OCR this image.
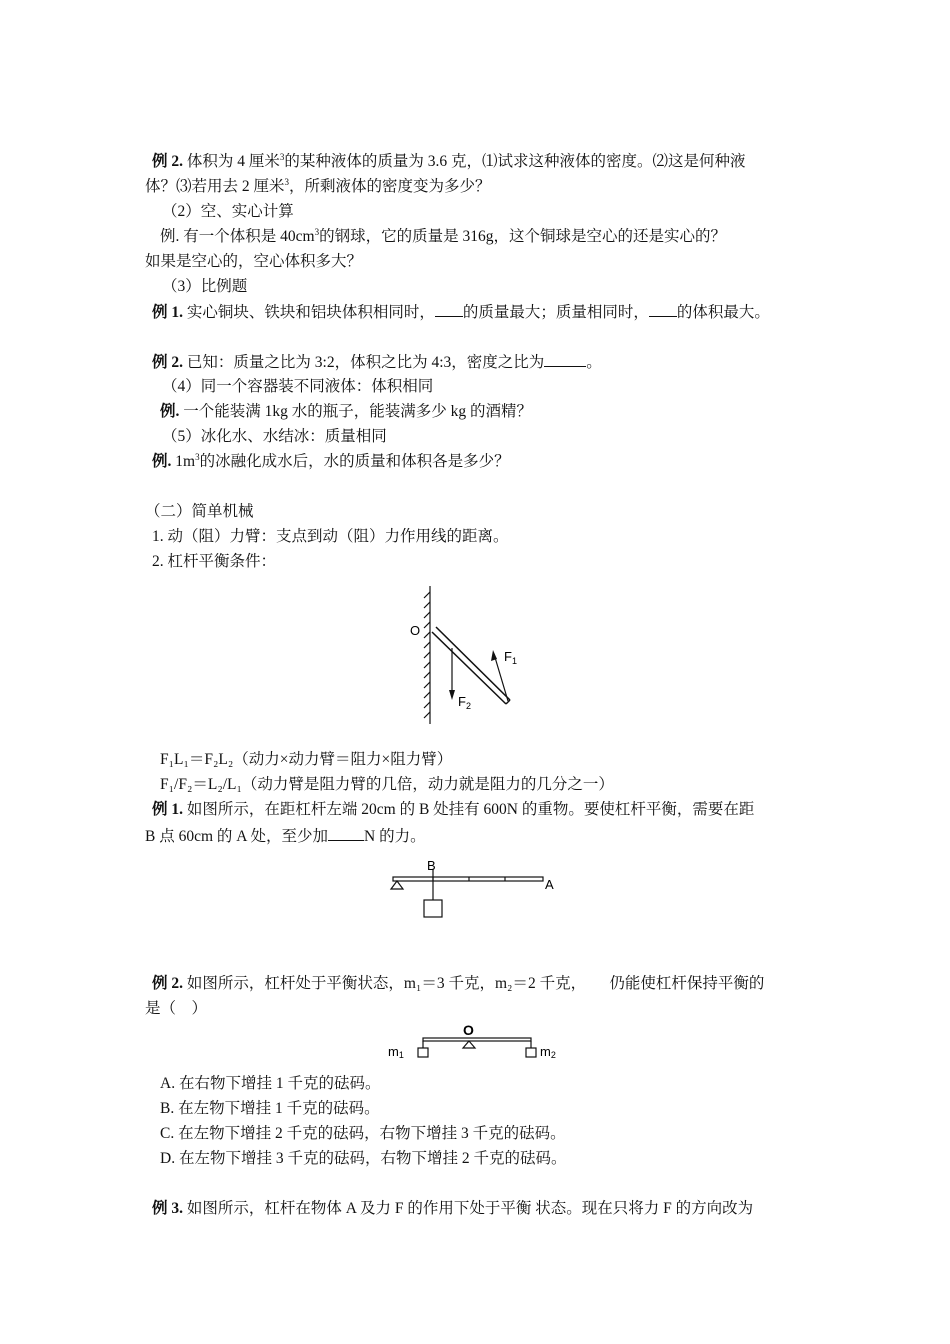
例 2. 体积为 4 厘米$^3$的某种液体的质量为 3.6 克，⑴试求这种液体的密度。⑵这是何种液
体？⑶若用去 2 厘米$^3$，所剩液体的密度变为多少？
（2）空、实心计算
例. 有一个体积是 $40cm^3$的钢球，它的质量是 316g，这个铜球是空心的还是实心的？
如果是空心的，空心体积多大？
（3）比例题
例 1. 实心铜块、铁块和铝块体积相同时， 的质量最大；质量相同时， 的体积最大。
例 2. 已知：质量之比为 3:2，体积之比为 4:3，密度之比为	。
（4）同一个容器装不同液体：体积相同
例. 一个能装满 1kg 水的瓶子，能装满多少 kg 的酒精？
（5）冰化水、水结冰：质量相同
例. $1m^3$的冰融化成水后，水的质量和体积各是多少？
（二）简单机械
1. 动（阻）力臂：支点到动（阻）力作用线的距离。
2. 杠杆平衡条件：
O
$F_1$
$F_2$
F₁L₁＝F₂L₂（动力×动力臂＝阻力×阻力臂）
F₁/F₂＝L₂/L₁（动力臂是阻力臂的几倍，动力就是阻力的几分之一）
例 1. 如图所示，在距杠杆左端 20cm 的 B 处挂有 600N 的重物。要使杠杆平衡，需要在距
B 点 60cm 的 A 处，至少加 N 的力。
B
A
例 2. 如图所示，杠杆处于平衡状态，m₁＝3 千克，m₂＝2 千克，　　仍能使杠杆保持平衡的
是（　）
O
m1	m2
A. 在右物下增挂 1 千克的砝码。
B. 在左物下增挂 1 千克的砝码。
C. 在左物下增挂 2 千克的砝码，右物下增挂 3 千克的砝码。
D. 在左物下增挂 3 千克的砝码，右物下增挂 2 千克的砝码。
例 3. 如图所示，杠杆在物体 A 及力 F 的作用下处于平衡 状态。现在只将力 F 的方向改为
